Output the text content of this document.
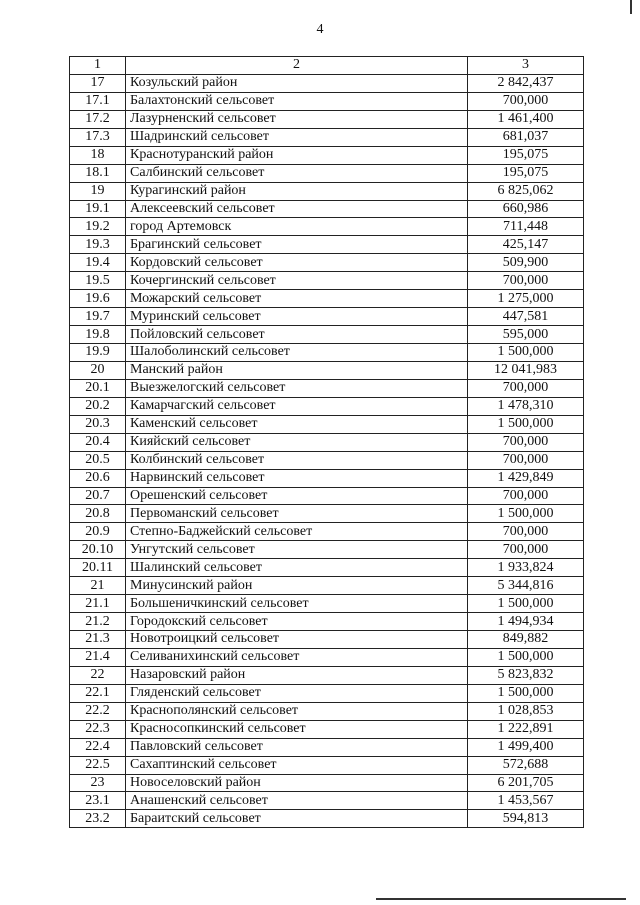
4
1	2	3
17	Козульский район	2 842,437
17.1	Балахтонский сельсовет	700,000
17.2	Лазурненский сельсовет	1 461,400
17.3	Шадринский сельсовет	681,037
18	Краснотуранский район	195,075
18.1	Салбинский сельсовет	195,075
19	Курагинский район	6 825,062
19.1	Алексеевский сельсовет	660,986
19.2	город Артемовск	711,448
19.3	Брагинский сельсовет	425,147
19.4	Кордовский сельсовет	509,900
19.5	Кочергинский сельсовет	700,000
19.6	Можарский сельсовет	1 275,000
19.7	Муринский сельсовет	447,581
19.8	Пойловский сельсовет	595,000
19.9	Шалоболинский сельсовет	1 500,000
20	Манский район	12 041,983
20.1	Выезжелогский сельсовет	700,000
20.2	Камарчагский сельсовет	1 478,310
20.3	Каменский сельсовет	1 500,000
20.4	Кияйский сельсовет	700,000
20.5	Колбинский сельсовет	700,000
20.6	Нарвинский сельсовет	1 429,849
20.7	Орешенский сельсовет	700,000
20.8	Первоманский сельсовет	1 500,000
20.9	Степно-Баджейский сельсовет	700,000
20.10	Унгутский сельсовет	700,000
20.11	Шалинский сельсовет	1 933,824
21	Минусинский район	5 344,816
21.1	Большеничкинский сельсовет	1 500,000
21.2	Городокский сельсовет	1 494,934
21.3	Новотроицкий сельсовет	849,882
21.4	Селиванихинский сельсовет	1 500,000
22	Назаровский район	5 823,832
22.1	Гляденский сельсовет	1 500,000
22.2	Краснополянский сельсовет	1 028,853
22.3	Красносопкинский сельсовет	1 222,891
22.4	Павловский сельсовет	1 499,400
22.5	Сахаптинский сельсовет	572,688
23	Новоселовский район	6 201,705
23.1	Анашенский сельсовет	1 453,567
23.2	Бараитский сельсовет	594,813
